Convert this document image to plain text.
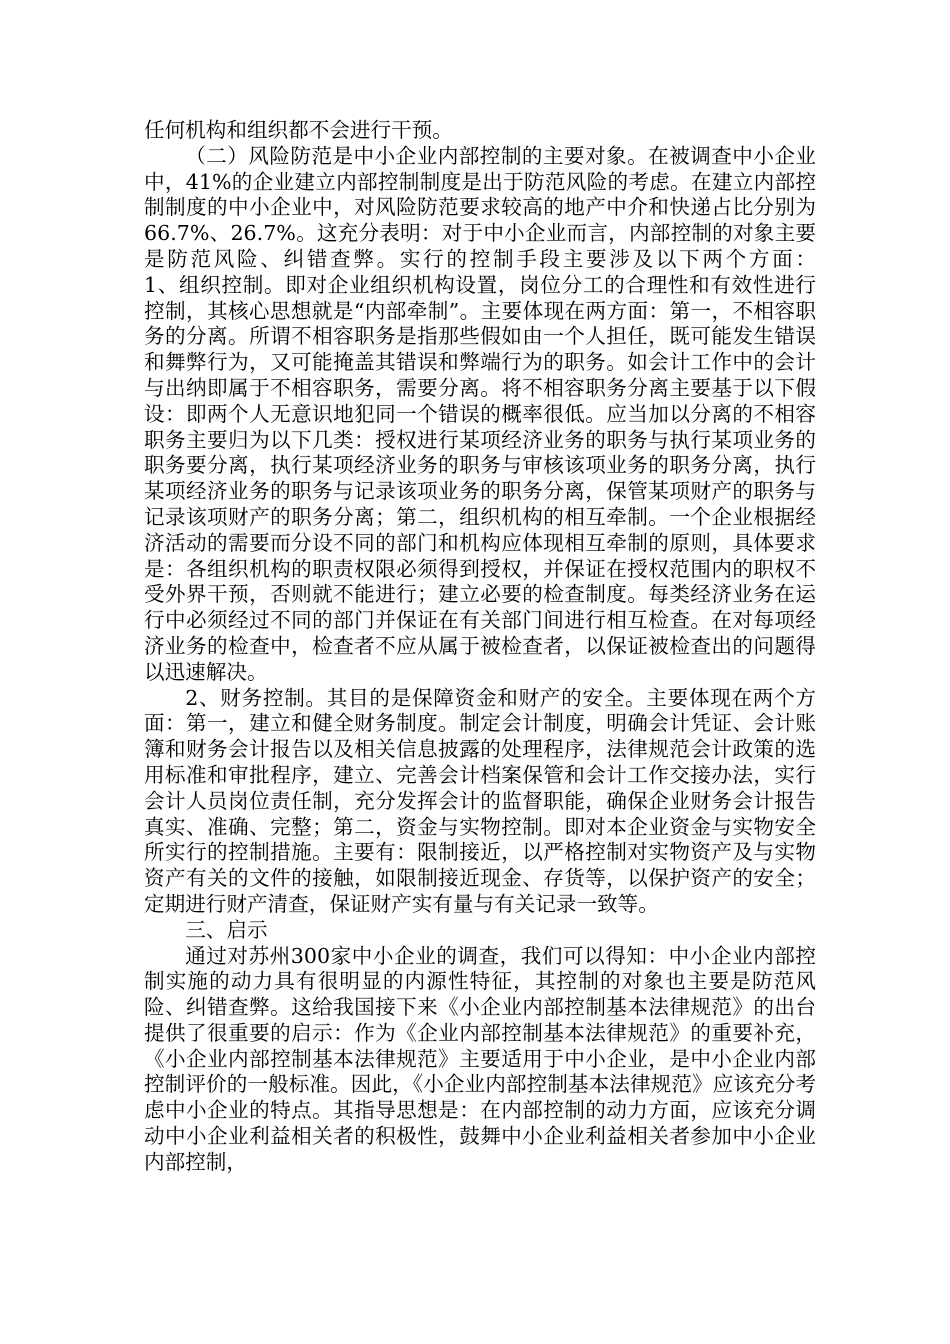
任何机构和组织都不会进行干预。

（二）风险防范是中小企业内部控制的主要对象。在被调查中小企业中，41%的企业建立内部控制制度是出于防范风险的考虑。在建立内部控制制度的中小企业中，对风险防范要求较高的地产中介和快递占比分别为66.7%、26.7%。这充分表明：对于中小企业而言，内部控制的对象主要是防范风险、纠错查弊。实行的控制手段主要涉及以下两个方面：          1、组织控制。即对企业组织机构设置，岗位分工的合理性和有效性进行控制，其核心思想就是“内部牵制”。主要体现在两方面：第一，不相容职务的分离。所谓不相容职务是指那些假如由一个人担任，既可能发生错误和舞弊行为，又可能掩盖其错误和弊端行为的职务。如会计工作中的会计与出纳即属于不相容职务，需要分离。将不相容职务分离主要基于以下假设：即两个人无意识地犯同一个错误的概率很低。应当加以分离的不相容职务主要归为以下几类：授权进行某项经济业务的职务与执行某项业务的职务要分离，执行某项经济业务的职务与审核该项业务的职务分离，执行某项经济业务的职务与记录该项业务的职务分离，保管某项财产的职务与记录该项财产的职务分离；第二，组织机构的相互牵制。一个企业根据经济活动的需要而分设不同的部门和机构应体现相互牵制的原则，具体要求是：各组织机构的职责权限必须得到授权，并保证在授权范围内的职权不受外界干预，否则就不能进行；建立必要的检查制度。每类经济业务在运行中必须经过不同的部门并保证在有关部门间进行相互检查。在对每项经济业务的检查中，检查者不应从属于被检查者，以保证被检查出的问题得以迅速解决。

2、财务控制。其目的是保障资金和财产的安全。主要体现在两个方面：第一，建立和健全财务制度。制定会计制度，明确会计凭证、会计账簿和财务会计报告以及相关信息披露的处理程序，法律规范会计政策的选用标准和审批程序，建立、完善会计档案保管和会计工作交接办法，实行会计人员岗位责任制，充分发挥会计的监督职能，确保企业财务会计报告真实、准确、完整；第二，资金与实物控制。即对本企业资金与实物安全所实行的控制措施。主要有：限制接近，以严格控制对实物资产及与实物资产有关的文件的接触，如限制接近现金、存货等，以保护资产的安全；定期进行财产清查，保证财产实有量与有关记录一致等。

三、启示

通过对苏州300家中小企业的调查，我们可以得知：中小企业内部控制实施的动力具有很明显的内源性特征，其控制的对象也主要是防范风险、纠错查弊。这给我国接下来《小企业内部控制基本法律规范》的出台提供了很重要的启示：作为《企业内部控制基本法律规范》的重要补充，《小企业内部控制基本法律规范》主要适用于中小企业，是中小企业内部控制评价的一般标准。因此，《小企业内部控制基本法律规范》应该充分考虑中小企业的特点。其指导思想是：在内部控制的动力方面，应该充分调动中小企业利益相关者的积极性，鼓舞中小企业利益相关者参加中小企业内部控制，
